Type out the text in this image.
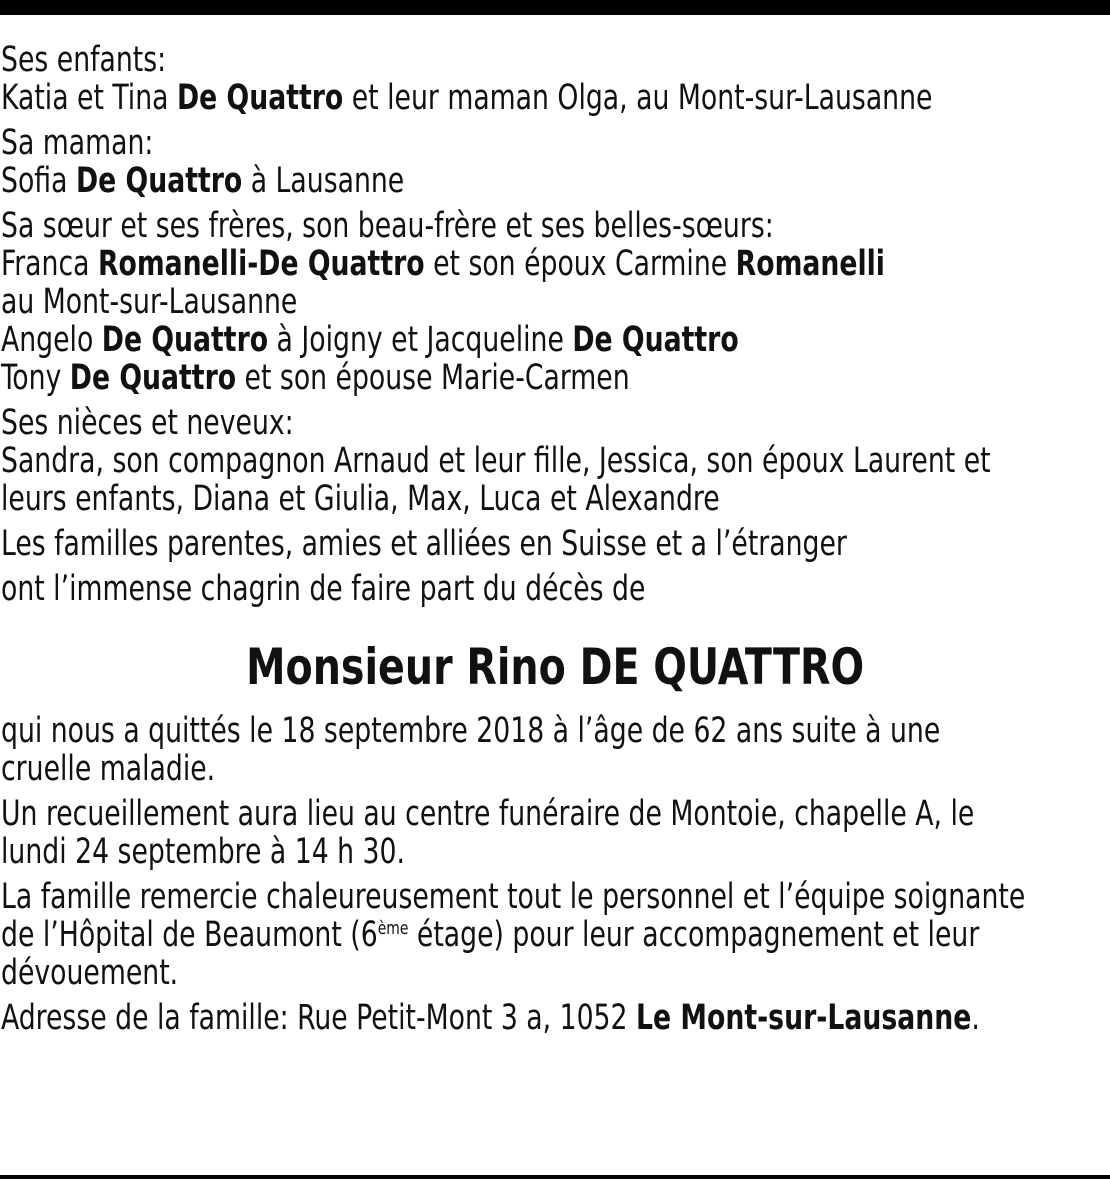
Ses enfants:
Katia et Tina De Quattro et leur maman Olga, au Mont-sur-Lausanne

Sa maman:
Sofia De Quattro à Lausanne

Sa sœur et ses frères, son beau-frère et ses belles-sœurs:
Franca Romanelli-De Quattro et son époux Carmine Romanelli
au Mont-sur-Lausanne
Angelo De Quattro à Joigny et Jacqueline De Quattro
Tony De Quattro et son épouse Marie-Carmen

Ses nièces et neveux:
Sandra, son compagnon Arnaud et leur fille, Jessica, son époux Laurent et
leurs enfants, Diana et Giulia, Max, Luca et Alexandre

Les familles parentes, amies et alliées en Suisse et a l’étranger

ont l’immense chagrin de faire part du décès de

Monsieur Rino DE QUATTRO

qui nous a quittés le 18 septembre 2018 à l’âge de 62 ans suite à une
cruelle maladie.

Un recueillement aura lieu au centre funéraire de Montoie, chapelle A, le
lundi 24 septembre à 14 h 30.

La famille remercie chaleureusement tout le personnel et l’équipe soignante
de l’Hôpital de Beaumont (6ème étage) pour leur accompagnement et leur
dévouement.

Adresse de la famille: Rue Petit-Mont 3 a, 1052 Le Mont-sur-Lausanne.
